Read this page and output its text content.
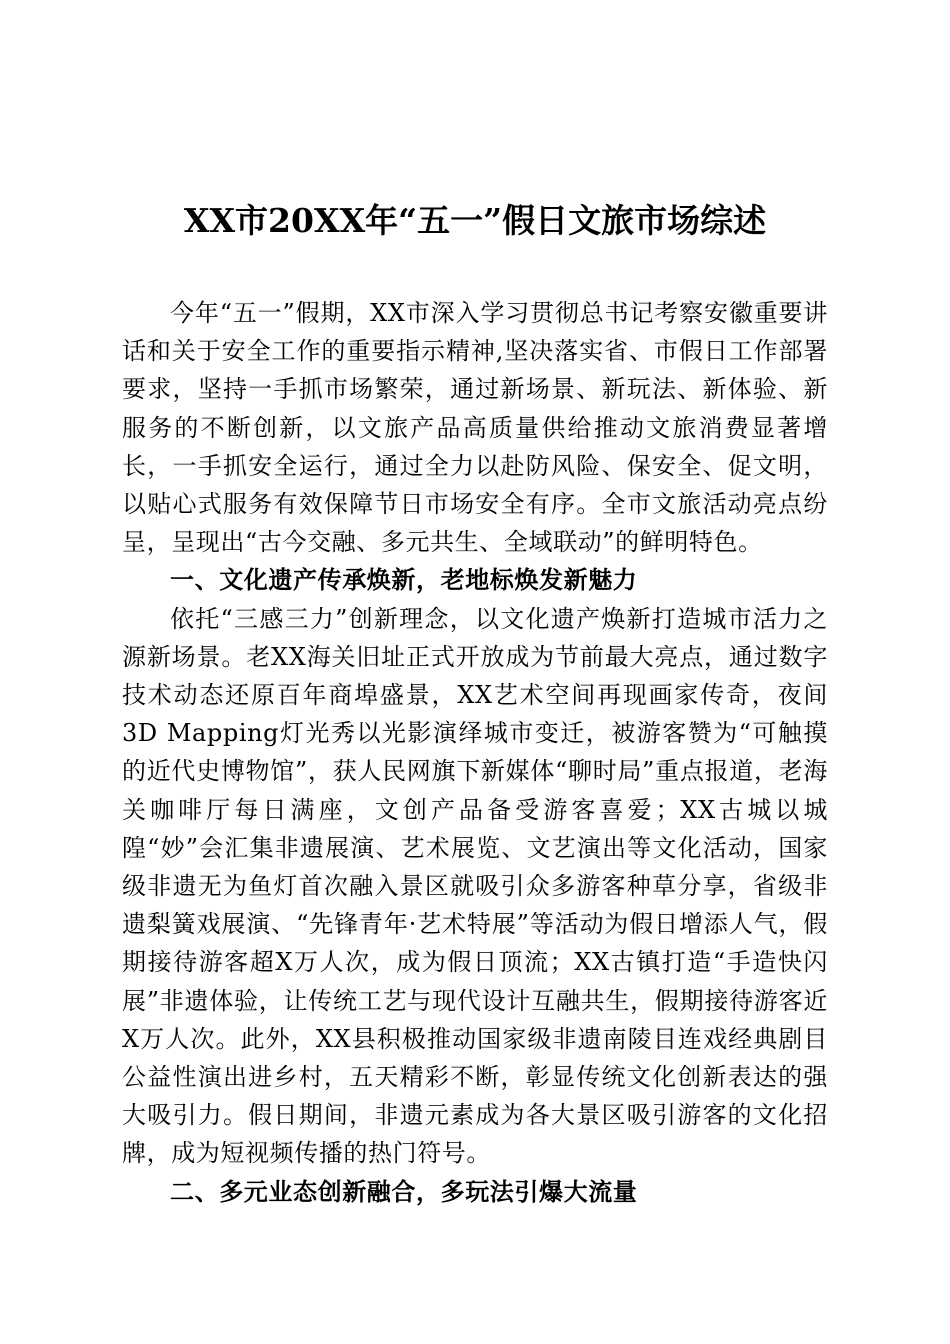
XX市20XX年“五一”假日文旅市场综述

今年“五一”假期，XX市深入学习贯彻总书记考察安徽重要讲话和关于安全工作的重要指示精神,坚决落实省、市假日工作部署要求，坚持一手抓市场繁荣，通过新场景、新玩法、新体验、新服务的不断创新，以文旅产品高质量供给推动文旅消费显著增长，一手抓安全运行，通过全力以赴防风险、保安全、促文明，以贴心式服务有效保障节日市场安全有序。全市文旅活动亮点纷呈，呈现出“古今交融、多元共生、全域联动”的鲜明特色。

一、文化遗产传承焕新，老地标焕发新魅力

依托“三感三力”创新理念，以文化遗产焕新打造城市活力之源新场景。老XX海关旧址正式开放成为节前最大亮点，通过数字技术动态还原百年商埠盛景，XX艺术空间再现画家传奇，夜间3D Mapping灯光秀以光影演绎城市变迁，被游客赞为“可触摸的近代史博物馆”，获人民网旗下新媒体“聊时局”重点报道，老海关咖啡厅每日满座，文创产品备受游客喜爱；XX古城以城隍“妙”会汇集非遗展演、艺术展览、文艺演出等文化活动，国家级非遗无为鱼灯首次融入景区就吸引众多游客种草分享，省级非遗梨簧戏展演、“先锋青年·艺术特展”等活动为假日增添人气，假期接待游客超X万人次，成为假日顶流；XX古镇打造“手造快闪展”非遗体验，让传统工艺与现代设计互融共生，假期接待游客近X万人次。此外，XX县积极推动国家级非遗南陵目连戏经典剧目公益性演出进乡村，五天精彩不断，彰显传统文化创新表达的强大吸引力。假日期间，非遗元素成为各大景区吸引游客的文化招牌，成为短视频传播的热门符号。

二、多元业态创新融合，多玩法引爆大流量
